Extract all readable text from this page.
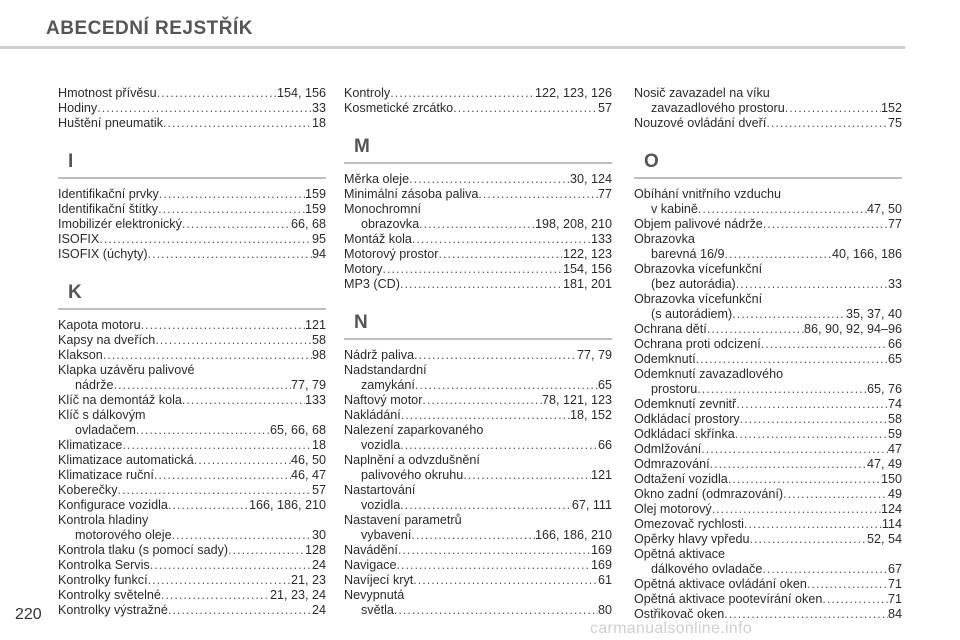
ABECEDNÍ REJSTŘÍK
Hmotnost přívěsu .....	154, 156
Hodiny .....	33
Huštění pneumatik .....	18
I
Identifikační prvky .....	159
Identifikační štítky .....	159
Imobilizér elektronický .....	66, 68
ISOFIX .....	95
ISOFIX (úchyty) .....	94
K
Kapota motoru .....	121
Kapsy na dveřích .....	58
Klakson .....	98
Klapka uzávěru palivové
nádrže .....	77, 79
Klíč na demontáž kola .....	133
Klíč s dálkovým
ovladačem .....	65, 66, 68
Klimatizace .....	18
Klimatizace automatická .....	46, 50
Klimatizace ruční .....	46, 47
Koberečky .....	57
Konfigurace vozidla .....	166, 186, 210
Kontrola hladiny
motorového oleje .....	30
Kontrola tlaku (s pomocí sady) .....	128
Kontrolka Servis .....	24
Kontrolky funkcí .....	21, 23
Kontrolky světelné .....	21, 23, 24
Kontrolky výstražné .....	24
Kontroly .....	122, 123, 126
Kosmetické zrcátko .....	57
M
Měrka oleje .....	30, 124
Minimální zásoba paliva .....	77
Monochromní
obrazovka .....	198, 208, 210
Montáž kola .....	133
Motorový prostor .....	122, 123
Motory .....	154, 156
MP3 (CD) .....	181, 201
N
Nádrž paliva .....	77, 79
Nadstandardní
zamykání .....	65
Naftový motor .....	78, 121, 123
Nakládání .....	18, 152
Nalezení zaparkovaného
vozidla .....	66
Naplnění a odvzdušnění
palivového okruhu .....	121
Nastartování
vozidla .....	67, 111
Nastavení parametrů
vybavení .....	166, 186, 210
Navádění .....	169
Navigace .....	169
Navíjecí kryt .....	61
Nevypnutá
světla .....	80
Nosič zavazadel na víku
zavazadlového prostoru .....	152
Nouzové ovládání dveří .....	75
O
Obíhání vnitřního vzduchu
v kabině .....	47, 50
Objem palivové nádrže .....	77
Obrazovka
barevná 16/9 .....	40, 166, 186
Obrazovka vícefunkční
(bez autorádia) .....	33
Obrazovka vícefunkční
(s autorádiem) .....	35, 37, 40
Ochrana dětí .....	86, 90, 92, 94–96
Ochrana proti odcizení .....	66
Odemknutí .....	65
Odemknutí zavazadlového
prostoru .....	65, 76
Odemknutí zevnitř .....	74
Odkládací prostory .....	58
Odkládací skřínka .....	59
Odmlžování .....	47
Odmrazování .....	47, 49
Odtažení vozidla .....	150
Okno zadní (odmrazování) .....	49
Olej motorový .....	124
Omezovač rychlosti .....	114
Opěrky hlavy vpředu .....	52, 54
Opětná aktivace
dálkového ovladače .....	67
Opětná aktivace ovládání oken .....	71
Opětná aktivace pootevírání oken .....	71
Ostřikovač oken .....	84
220
carmanualsonline.info
